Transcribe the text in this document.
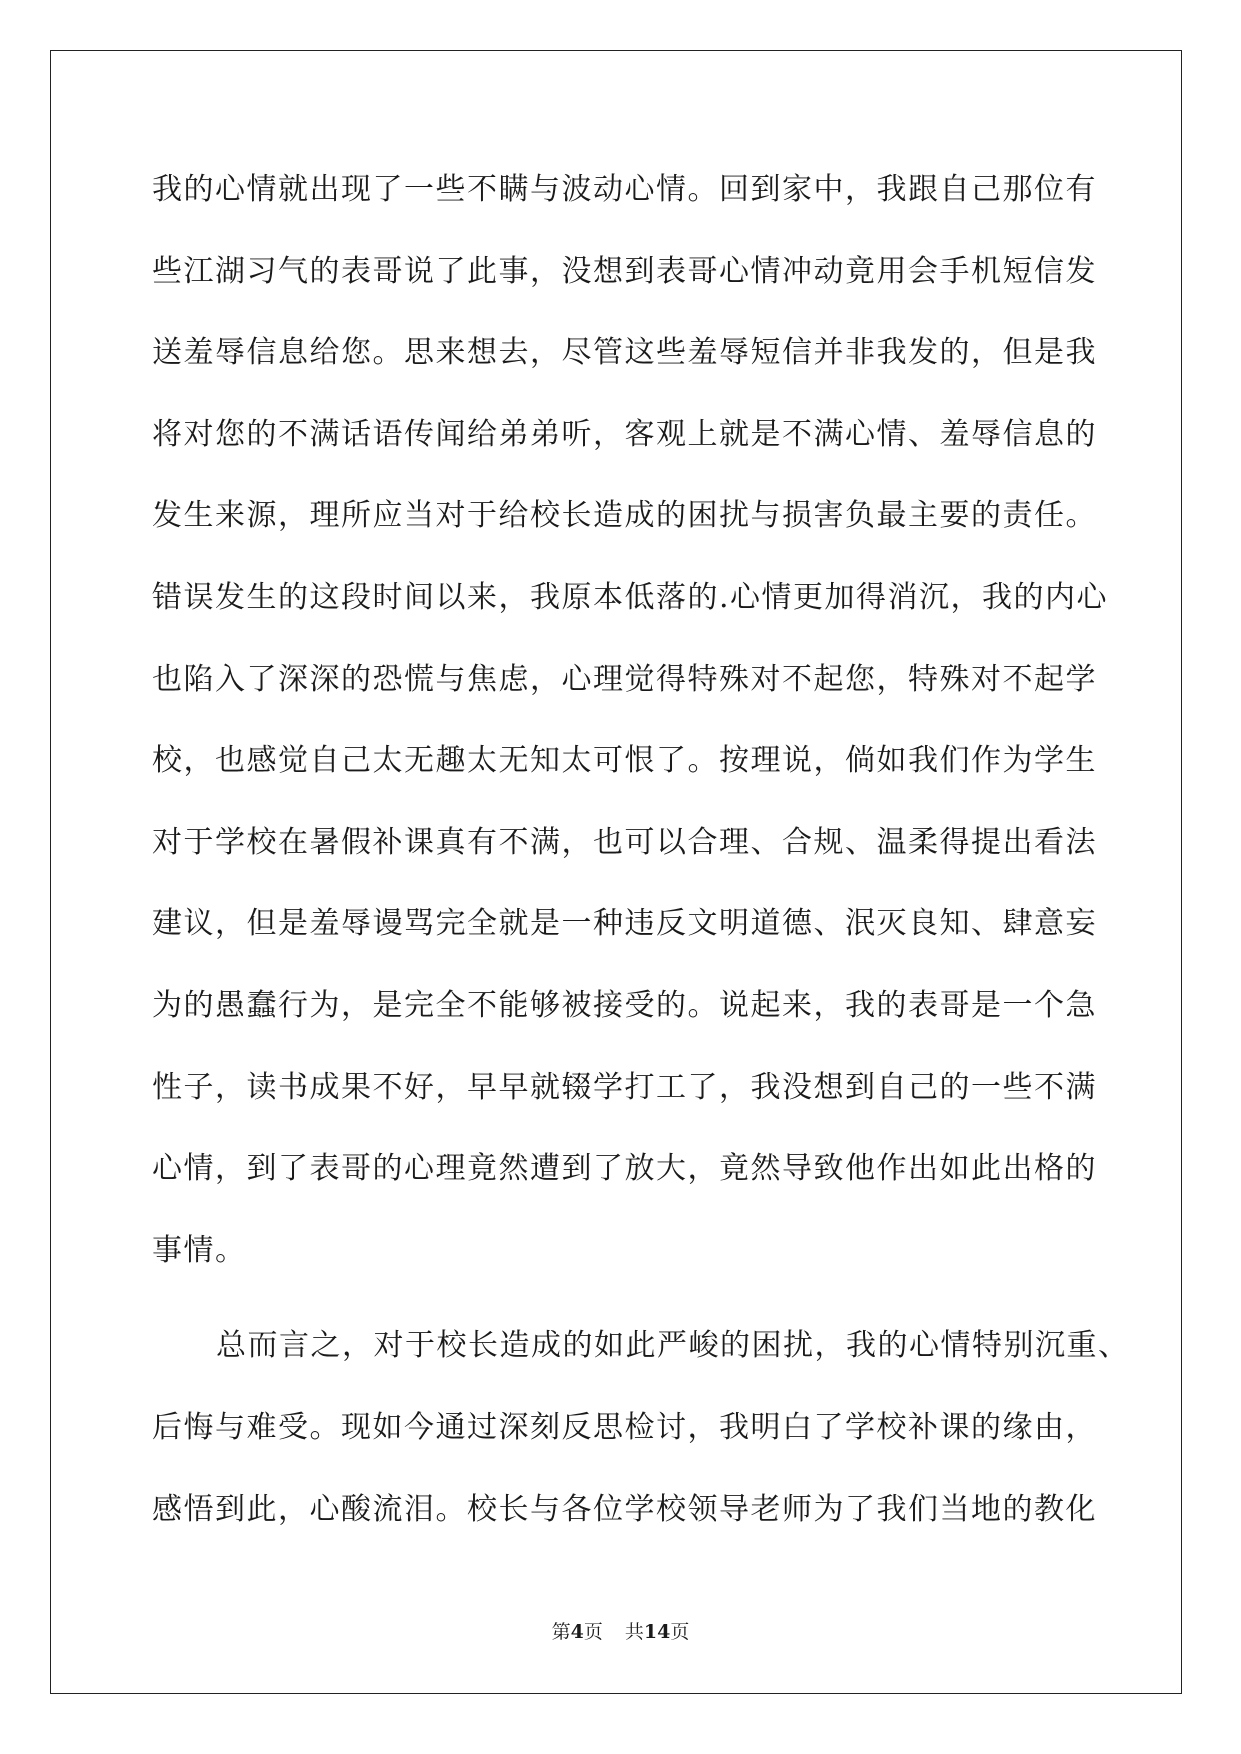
我的心情就出现了一些不瞒与波动心情。回到家中，我跟自己那位有
些江湖习气的表哥说了此事，没想到表哥心情冲动竟用会手机短信发
送羞辱信息给您。思来想去，尽管这些羞辱短信并非我发的，但是我
将对您的不满话语传闻给弟弟听，客观上就是不满心情、羞辱信息的
发生来源，理所应当对于给校长造成的困扰与损害负最主要的责任。
错误发生的这段时间以来，我原本低落的.心情更加得消沉，我的内心
也陷入了深深的恐慌与焦虑，心理觉得特殊对不起您，特殊对不起学
校，也感觉自己太无趣太无知太可恨了。按理说，倘如我们作为学生
对于学校在暑假补课真有不满，也可以合理、合规、温柔得提出看法
建议，但是羞辱谩骂完全就是一种违反文明道德、泯灭良知、肆意妄
为的愚蠢行为，是完全不能够被接受的。说起来，我的表哥是一个急
性子，读书成果不好，早早就辍学打工了，我没想到自己的一些不满
心情，到了表哥的心理竟然遭到了放大，竟然导致他作出如此出格的
事情。
总而言之，对于校长造成的如此严峻的困扰，我的心情特别沉重、
后悔与难受。现如今通过深刻反思检讨，我明白了学校补课的缘由，
感悟到此，心酸流泪。校长与各位学校领导老师为了我们当地的教化
第4页 共14页
